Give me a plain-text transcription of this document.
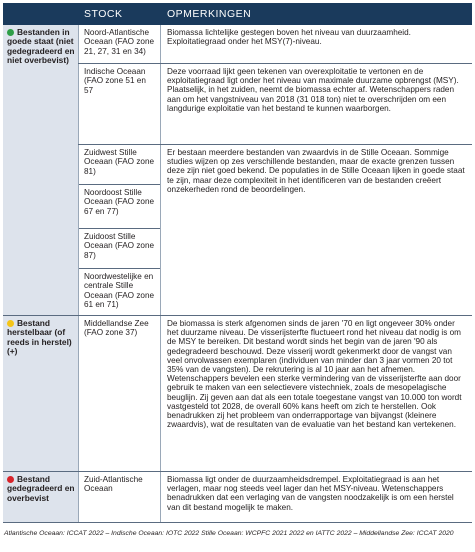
STOCK	OPMERKINGEN
Bestanden in goede staat (niet gedegradeerd en niet overbevist)
Noord-Atlantische Oceaan (FAO zone 21, 27, 31 en 34)
Biomassa lichtelijke gestegen boven het niveau van duurzaamheid. Exploitatiegraad onder het MSY(7)-niveau.
Indische Oceaan (FAO zone 51 en 57
Deze voorraad lijkt geen tekenen van overexploitatie te vertonen en de exploitatiegraad ligt onder het niveau van maximale duurzame opbrengst (MSY). Plaatselijk, in het zuiden, neemt de biomassa echter af. Wetenschappers raden aan om het vangstniveau van 2018 (31 018 ton) niet te overschrijden om een langdurige exploitatie van het bestand te kunnen waarborgen.
Zuidwest Stille Oceaan (FAO zone 81)
Noordoost Stille Oceaan (FAO zone 67 en 77)
Zuidoost Stille Oceaan (FAO zone 87)
Noordwestelijke en centrale Stille Oceaan (FAO zone 61 en 71)
Er bestaan meerdere bestanden van zwaardvis in de Stille Oceaan. Sommige studies wijzen op zes verschillende bestanden, maar de exacte grenzen tussen deze zijn niet goed bekend. De populaties in de Stille Oceaan lijken in goede staat te zijn, maar deze complexiteit in het identificeren van de bestanden creëert onzekerheden rond de beoordelingen.
Bestand herstelbaar (of reeds in herstel) (+)
Middellandse Zee (FAO zone 37)
De biomassa is sterk afgenomen sinds de jaren '70 en ligt ongeveer 30% onder het duurzame niveau. De visserijsterfte fluctueert rond het niveau dat nodig is om de MSY te bereiken. Dit bestand wordt sinds het begin van de jaren '90 als gedegradeerd beschouwd. Deze visserij wordt gekenmerkt door de vangst van veel onvolwassen exemplaren (individuen van minder dan 3 jaar vormen 20 tot 35% van de vangsten). De rekrutering is al 10 jaar aan het afnemen. Wetenschappers bevelen een sterke vermindering van de visserijsterfte aan door gebruik te maken van een selectievere vistechniek, zoals de mesopelagische beuglijn. Zij geven aan dat als een totale toegestane vangst van 10.000 ton wordt vastgesteld tot 2028, de overall 60% kans heeft om zich te herstellen. Ook benadrukken zij het probleem van onderrapportage van bijvangst (kleinere zwaardvis), wat de resultaten van de evaluatie van het bestand kan vertekenen.
Bestand gedegradeerd en overbevist
Zuid-Atlantische Oceaan
Biomassa ligt onder de duurzaamheidsdrempel. Exploitatiegraad is aan het verlagen, maar nog steeds veel lager dan het MSY-niveau. Wetenschappers benadrukken dat een verlaging van de vangsten noodzakelijk is om een herstel van dit bestand mogelijk te maken.
Atlantische Oceaan: ICCAT 2022 – Indische Oceaan: IOTC 2022 Stille Oceaan: WCPFC 2021 2022 en IATTC 2022 – Middellandse Zee: ICCAT 2020
